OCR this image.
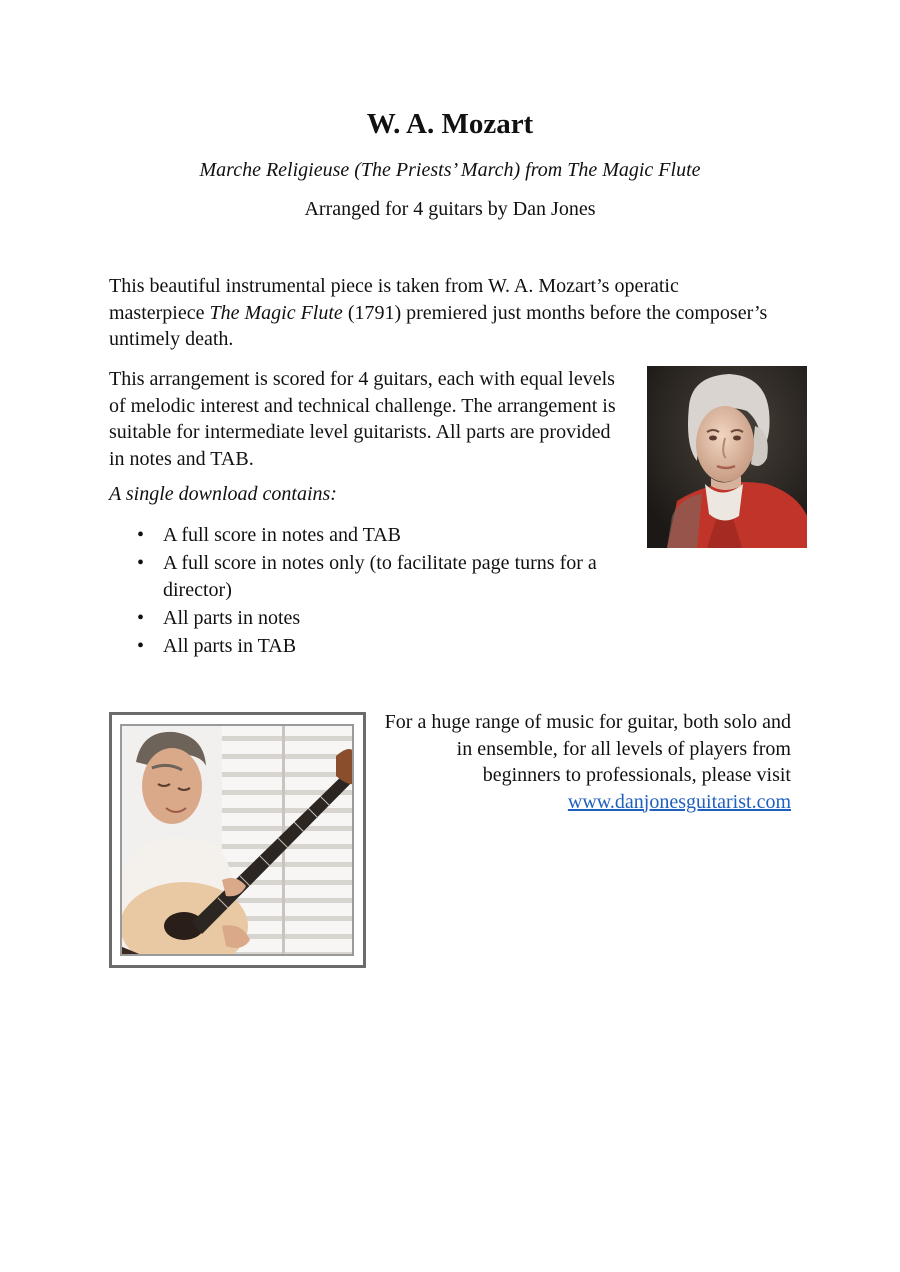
W. A. Mozart
Marche Religieuse (The Priests’ March) from The Magic Flute
Arranged for 4 guitars by Dan Jones

This beautiful instrumental piece is taken from W. A. Mozart’s operatic masterpiece The Magic Flute (1791) premiered just months before the composer’s untimely death.

This arrangement is scored for 4 guitars, each with equal levels of melodic interest and technical challenge. The arrangement is suitable for intermediate level guitarists. All parts are provided in notes and TAB.

A single download contains:
• A full score in notes and TAB
• A full score in notes only (to facilitate page turns for a director)
• All parts in notes
• All parts in TAB

For a huge range of music for guitar, both solo and in ensemble, for all levels of players from beginners to professionals, please visit
www.danjonesguitarist.com
